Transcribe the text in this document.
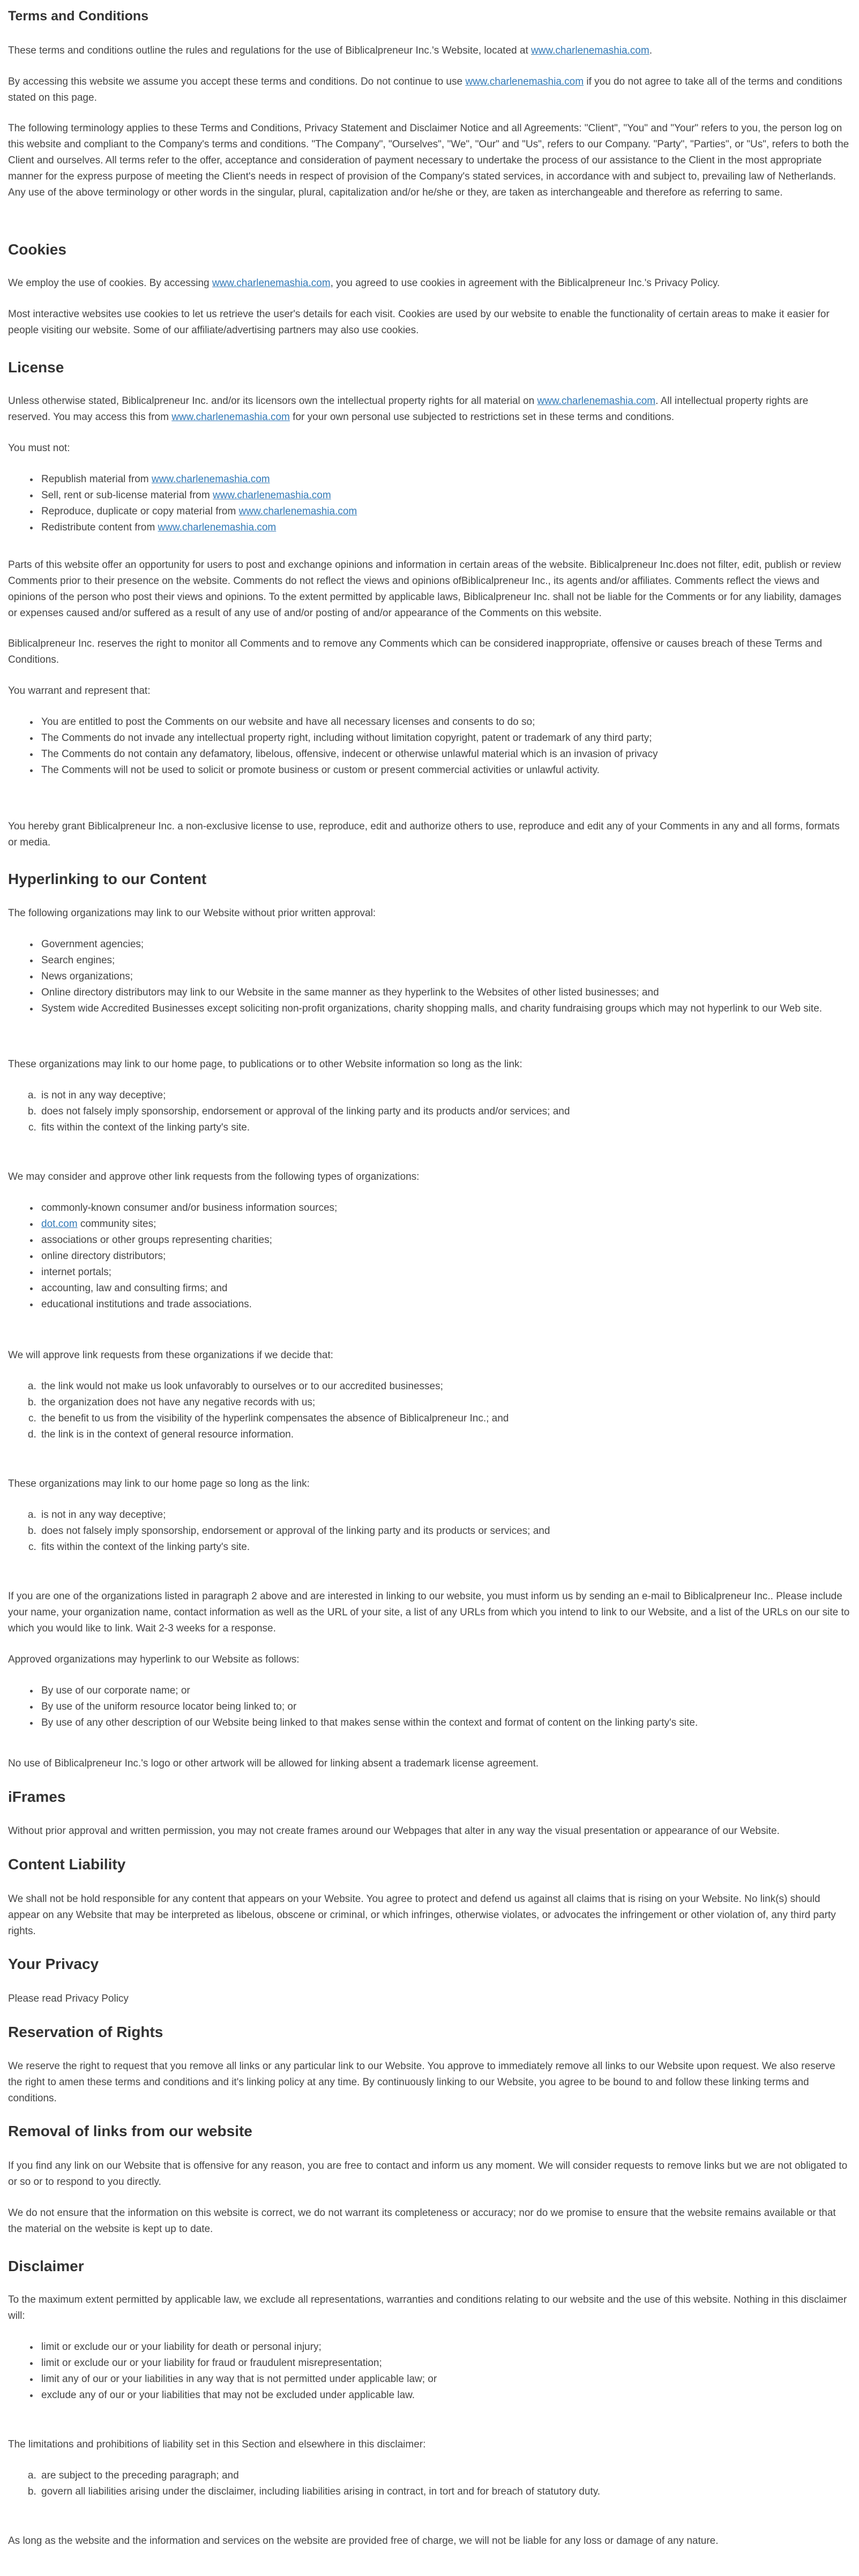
Terms and Conditions

These terms and conditions outline the rules and regulations for the use of Biblicalpreneur Inc.'s Website, located at www.charlenemashia.com.

By accessing this website we assume you accept these terms and conditions. Do not continue to use www.charlenemashia.com if you do not agree to take all of the terms and conditions stated on this page.

The following terminology applies to these Terms and Conditions, Privacy Statement and Disclaimer Notice and all Agreements: "Client", "You" and "Your" refers to you, the person log on this website and compliant to the Company's terms and conditions. "The Company", "Ourselves", "We", "Our" and "Us", refers to our Company. "Party", "Parties", or "Us", refers to both the Client and ourselves. All terms refer to the offer, acceptance and consideration of payment necessary to undertake the process of our assistance to the Client in the most appropriate manner for the express purpose of meeting the Client's needs in respect of provision of the Company's stated services, in accordance with and subject to, prevailing law of Netherlands. Any use of the above terminology or other words in the singular, plural, capitalization and/or he/she or they, are taken as interchangeable and therefore as referring to same.

Cookies

We employ the use of cookies. By accessing www.charlenemashia.com, you agreed to use cookies in agreement with the Biblicalpreneur Inc.'s Privacy Policy.

Most interactive websites use cookies to let us retrieve the user's details for each visit. Cookies are used by our website to enable the functionality of certain areas to make it easier for people visiting our website. Some of our affiliate/advertising partners may also use cookies.

License

Unless otherwise stated, Biblicalpreneur Inc. and/or its licensors own the intellectual property rights for all material on www.charlenemashia.com. All intellectual property rights are reserved. You may access this from www.charlenemashia.com for your own personal use subjected to restrictions set in these terms and conditions.

You must not:

• Republish material from www.charlenemashia.com
• Sell, rent or sub-license material from www.charlenemashia.com
• Reproduce, duplicate or copy material from www.charlenemashia.com
• Redistribute content from www.charlenemashia.com

Parts of this website offer an opportunity for users to post and exchange opinions and information in certain areas of the website. Biblicalpreneur Inc.does not filter, edit, publish or review Comments prior to their presence on the website. Comments do not reflect the views and opinions ofBiblicalpreneur Inc., its agents and/or affiliates. Comments reflect the views and opinions of the person who post their views and opinions. To the extent permitted by applicable laws, Biblicalpreneur Inc. shall not be liable for the Comments or for any liability, damages or expenses caused and/or suffered as a result of any use of and/or posting of and/or appearance of the Comments on this website.

Biblicalpreneur Inc. reserves the right to monitor all Comments and to remove any Comments which can be considered inappropriate, offensive or causes breach of these Terms and Conditions.

You warrant and represent that:

• You are entitled to post the Comments on our website and have all necessary licenses and consents to do so;
• The Comments do not invade any intellectual property right, including without limitation copyright, patent or trademark of any third party;
• The Comments do not contain any defamatory, libelous, offensive, indecent or otherwise unlawful material which is an invasion of privacy
• The Comments will not be used to solicit or promote business or custom or present commercial activities or unlawful activity.

You hereby grant Biblicalpreneur Inc. a non-exclusive license to use, reproduce, edit and authorize others to use, reproduce and edit any of your Comments in any and all forms, formats or media.

Hyperlinking to our Content

The following organizations may link to our Website without prior written approval:

• Government agencies;
• Search engines;
• News organizations;
• Online directory distributors may link to our Website in the same manner as they hyperlink to the Websites of other listed businesses; and
• System wide Accredited Businesses except soliciting non-profit organizations, charity shopping malls, and charity fundraising groups which may not hyperlink to our Web site.

These organizations may link to our home page, to publications or to other Website information so long as the link:

a. is not in any way deceptive;
b. does not falsely imply sponsorship, endorsement or approval of the linking party and its products and/or services; and
c. fits within the context of the linking party's site.

We may consider and approve other link requests from the following types of organizations:

• commonly-known consumer and/or business information sources;
• dot.com community sites;
• associations or other groups representing charities;
• online directory distributors;
• internet portals;
• accounting, law and consulting firms; and
• educational institutions and trade associations.

We will approve link requests from these organizations if we decide that:

a. the link would not make us look unfavorably to ourselves or to our accredited businesses;
b. the organization does not have any negative records with us;
c. the benefit to us from the visibility of the hyperlink compensates the absence of Biblicalpreneur Inc.; and
d. the link is in the context of general resource information.

These organizations may link to our home page so long as the link:

a. is not in any way deceptive;
b. does not falsely imply sponsorship, endorsement or approval of the linking party and its products or services; and
c. fits within the context of the linking party's site.

If you are one of the organizations listed in paragraph 2 above and are interested in linking to our website, you must inform us by sending an e-mail to Biblicalpreneur Inc.. Please include your name, your organization name, contact information as well as the URL of your site, a list of any URLs from which you intend to link to our Website, and a list of the URLs on our site to which you would like to link. Wait 2-3 weeks for a response.

Approved organizations may hyperlink to our Website as follows:

• By use of our corporate name; or
• By use of the uniform resource locator being linked to; or
• By use of any other description of our Website being linked to that makes sense within the context and format of content on the linking party's site.

No use of Biblicalpreneur Inc.'s logo or other artwork will be allowed for linking absent a trademark license agreement.

iFrames

Without prior approval and written permission, you may not create frames around our Webpages that alter in any way the visual presentation or appearance of our Website.

Content Liability

We shall not be hold responsible for any content that appears on your Website. You agree to protect and defend us against all claims that is rising on your Website. No link(s) should appear on any Website that may be interpreted as libelous, obscene or criminal, or which infringes, otherwise violates, or advocates the infringement or other violation of, any third party rights.

Your Privacy

Please read Privacy Policy

Reservation of Rights

We reserve the right to request that you remove all links or any particular link to our Website. You approve to immediately remove all links to our Website upon request. We also reserve the right to amen these terms and conditions and it's linking policy at any time. By continuously linking to our Website, you agree to be bound to and follow these linking terms and conditions.

Removal of links from our website

If you find any link on our Website that is offensive for any reason, you are free to contact and inform us any moment. We will consider requests to remove links but we are not obligated to or so or to respond to you directly.

We do not ensure that the information on this website is correct, we do not warrant its completeness or accuracy; nor do we promise to ensure that the website remains available or that the material on the website is kept up to date.

Disclaimer

To the maximum extent permitted by applicable law, we exclude all representations, warranties and conditions relating to our website and the use of this website. Nothing in this disclaimer will:

• limit or exclude our or your liability for death or personal injury;
• limit or exclude our or your liability for fraud or fraudulent misrepresentation;
• limit any of our or your liabilities in any way that is not permitted under applicable law; or
• exclude any of our or your liabilities that may not be excluded under applicable law.

The limitations and prohibitions of liability set in this Section and elsewhere in this disclaimer:

a. are subject to the preceding paragraph; and
b. govern all liabilities arising under the disclaimer, including liabilities arising in contract, in tort and for breach of statutory duty.

As long as the website and the information and services on the website are provided free of charge, we will not be liable for any loss or damage of any nature.
